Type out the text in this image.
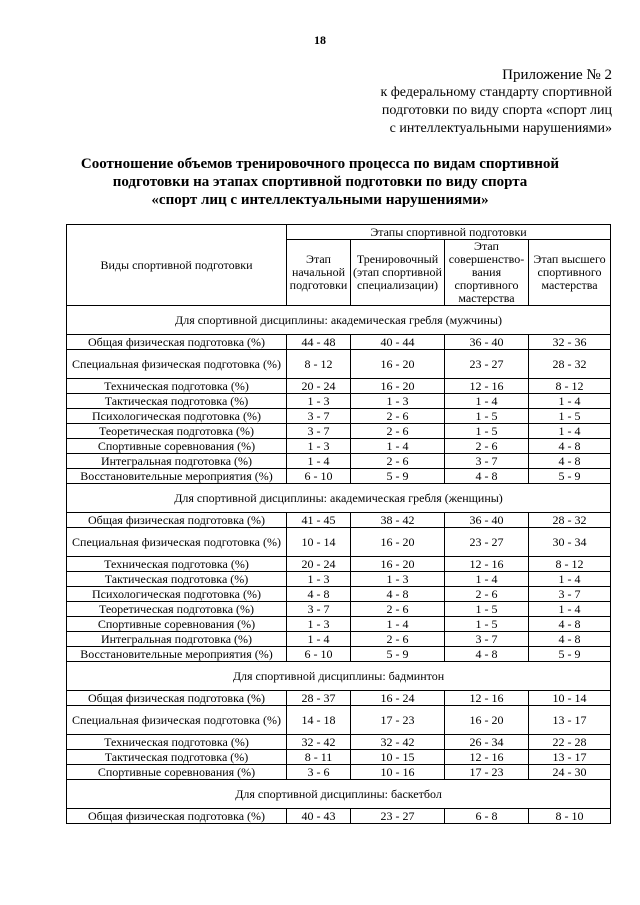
18
Приложение № 2
к федеральному стандарту спортивной
подготовки по виду спорта «спорт лиц
с интеллектуальными нарушениями»
Соотношение объемов тренировочного процесса по видам спортивной
подготовки на этапах спортивной подготовки по виду спорта
«спорт лиц с интеллектуальными нарушениями»
Виды спортивной подготовки	Этапы спортивной подготовки			
	Этап начальной подготовки	Тренировочный (этап спортивной специализации)	Этап совершенство-вания спортивного мастерства	Этап высшего спортивного мастерства
Для спортивной дисциплины: академическая гребля (мужчины)				
Общая физическая подготовка (%)	44 - 48	40 - 44	36 - 40	32 - 36
Специальная физическая подготовка (%)	8 - 12	16 - 20	23 - 27	28 - 32
Техническая подготовка (%)	20 - 24	16 - 20	12 - 16	8 - 12
Тактическая подготовка (%)	1 - 3	1 - 3	1 - 4	1 - 4
Психологическая подготовка (%)	3 - 7	2 - 6	1 - 5	1 - 5
Теоретическая подготовка (%)	3 - 7	2 - 6	1 - 5	1 - 4
Спортивные соревнования (%)	1 - 3	1 - 4	2 - 6	4 - 8
Интегральная подготовка (%)	1 - 4	2 - 6	3 - 7	4 - 8
Восстановительные мероприятия (%)	6 - 10	5 - 9	4 - 8	5 - 9
Для спортивной дисциплины: академическая гребля (женщины)				
Общая физическая подготовка (%)	41 - 45	38 - 42	36 - 40	28 - 32
Специальная физическая подготовка (%)	10 - 14	16 - 20	23 - 27	30 - 34
Техническая подготовка (%)	20 - 24	16 - 20	12 - 16	8 - 12
Тактическая подготовка (%)	1 - 3	1 - 3	1 - 4	1 - 4
Психологическая подготовка (%)	4 - 8	4 - 8	2 - 6	3 - 7
Теоретическая подготовка (%)	3 - 7	2 - 6	1 - 5	1 - 4
Спортивные соревнования (%)	1 - 3	1 - 4	1 - 5	4 - 8
Интегральная подготовка (%)	1 - 4	2 - 6	3 - 7	4 - 8
Восстановительные мероприятия (%)	6 - 10	5 - 9	4 - 8	5 - 9
Для спортивной дисциплины: бадминтон				
Общая физическая подготовка (%)	28 - 37	16 - 24	12 - 16	10 - 14
Специальная физическая подготовка (%)	14 - 18	17 - 23	16 - 20	13 - 17
Техническая подготовка (%)	32 - 42	32 - 42	26 - 34	22 - 28
Тактическая подготовка (%)	8 - 11	10 - 15	12 - 16	13 - 17
Спортивные соревнования (%)	3 - 6	10 - 16	17 - 23	24 - 30
Для спортивной дисциплины: баскетбол				
Общая физическая подготовка (%)	40 - 43	23 - 27	6 - 8	8 - 10
